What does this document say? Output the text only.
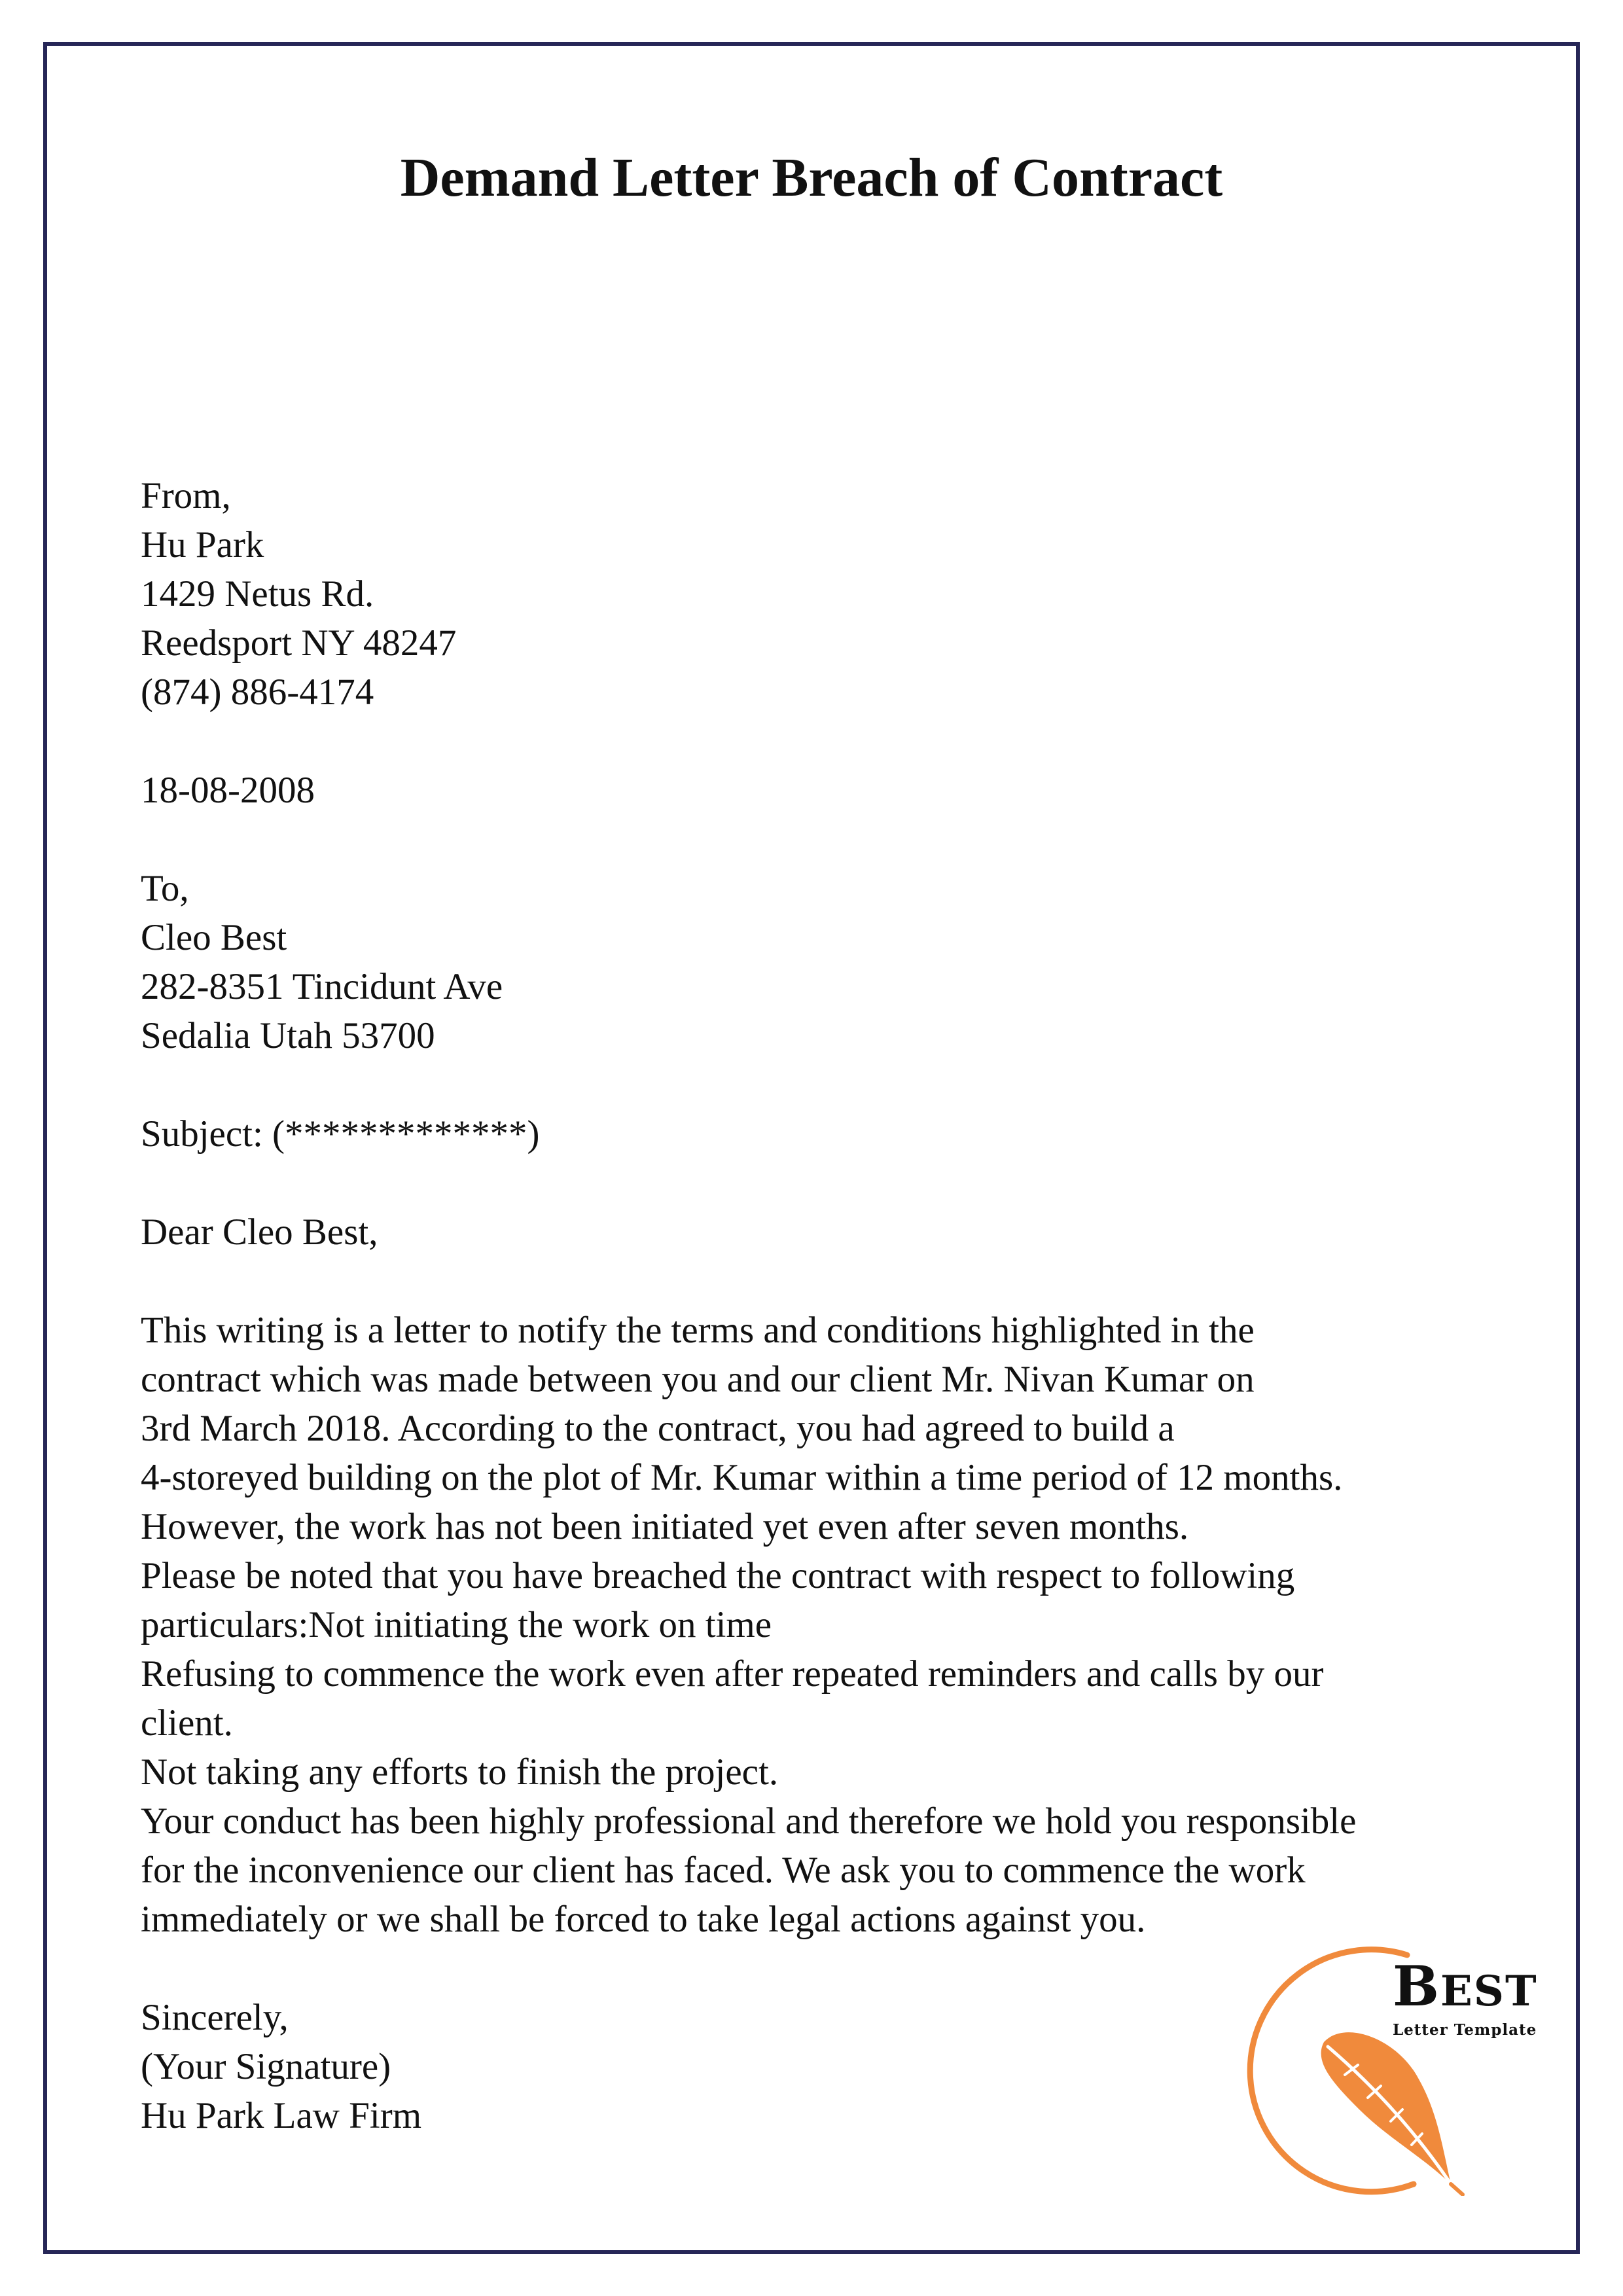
Demand Letter Breach of Contract
From,
Hu Park
1429 Netus Rd.
Reedsport NY 48247
(874) 886-4174
18-08-2008
To,
Cleo Best
282-8351 Tincidunt Ave
Sedalia Utah 53700
Subject: (*************)
Dear Cleo Best,
This writing is a letter to notify the terms and conditions highlighted in the
contract which was made between you and our client Mr. Nivan Kumar on
3rd March 2018. According to the contract, you had agreed to build a
4-storeyed building on the plot of Mr. Kumar within a time period of 12 months.
However, the work has not been initiated yet even after seven months.
Please be noted that you have breached the contract with respect to following
particulars:Not initiating the work on time
Refusing to commence the work even after repeated reminders and calls by our
client.
Not taking any efforts to finish the project.
Your conduct has been highly professional and therefore we hold you responsible
for the inconvenience our client has faced. We ask you to commence the work
immediately or we shall be forced to take legal actions against you.
Sincerely,
(Your Signature)
Hu Park Law Firm
BEST
Letter Template
